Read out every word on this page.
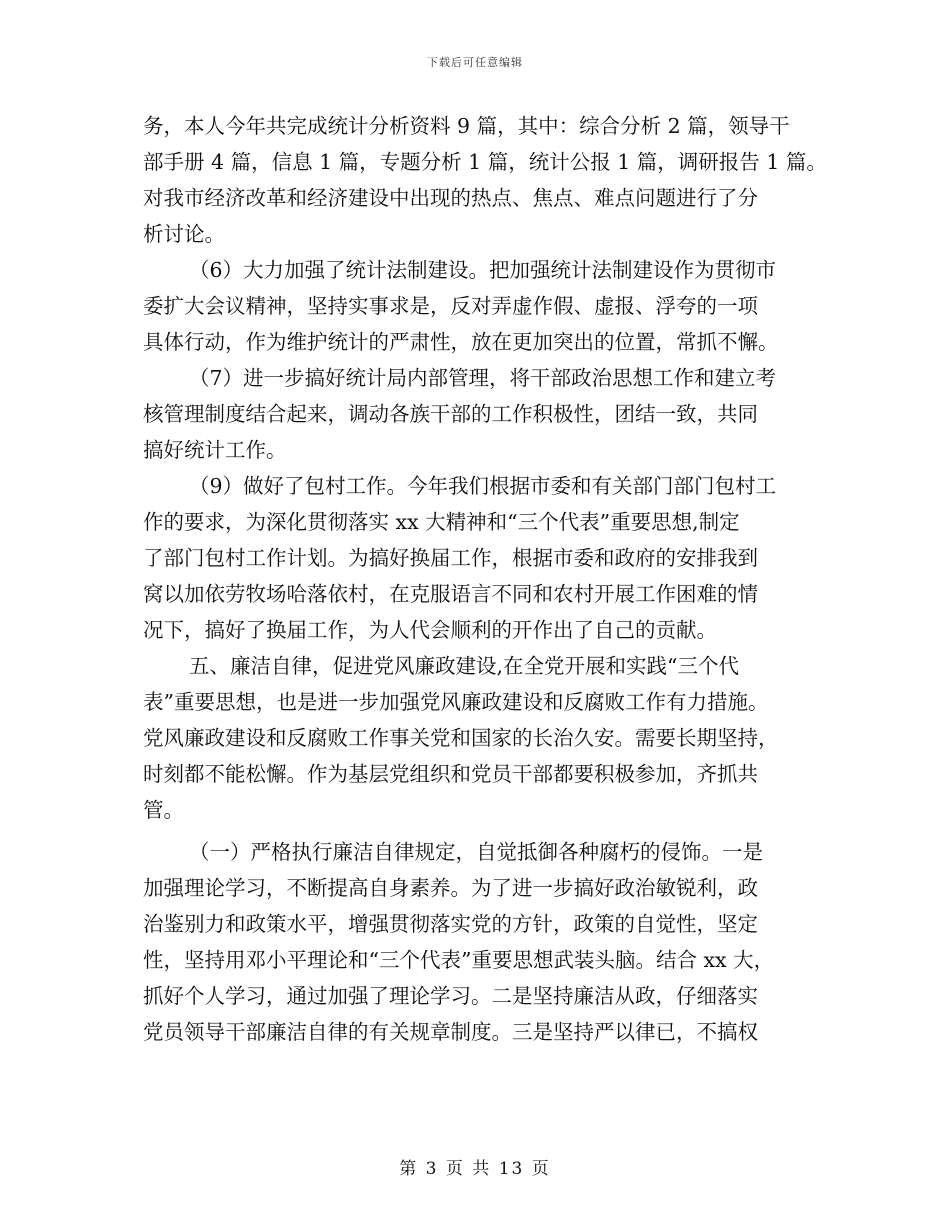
下载后可任意编辑
务，本人今年共完成统计分析资料 9 篇，其中：综合分析 2 篇，领导干
部手册 4 篇，信息 1 篇，专题分析 1 篇，统计公报 1 篇，调研报告 1 篇。
对我市经济改革和经济建设中出现的热点、焦点、难点问题进行了分
析讨论。
（6）大力加强了统计法制建设。把加强统计法制建设作为贯彻市
委扩大会议精神，坚持实事求是，反对弄虚作假、虚报、浮夸的一项
具体行动，作为维护统计的严肃性，放在更加突出的位置，常抓不懈。
（7）进一步搞好统计局内部管理，将干部政治思想工作和建立考
核管理制度结合起来，调动各族干部的工作积极性，团结一致，共同
搞好统计工作。
（9）做好了包村工作。今年我们根据市委和有关部门部门包村工
作的要求，为深化贯彻落实 xx 大精神和“三个代表”重要思想,制定
了部门包村工作计划。为搞好换届工作，根据市委和政府的安排我到
窝以加依劳牧场哈落依村，在克服语言不同和农村开展工作困难的情
况下，搞好了换届工作，为人代会顺利的开作出了自己的贡献。
五、廉洁自律，促进党风廉政建设,在全党开展和实践“三个代
表”重要思想，也是进一步加强党风廉政建设和反腐败工作有力措施。
党风廉政建设和反腐败工作事关党和国家的长治久安。需要长期坚持，
时刻都不能松懈。作为基层党组织和党员干部都要积极参加，齐抓共
管。
（一）严格执行廉洁自律规定，自觉抵御各种腐朽的侵饰。一是
加强理论学习，不断提高自身素养。为了进一步搞好政治敏锐利，政
治鉴别力和政策水平，增强贯彻落实党的方针，政策的自觉性，坚定
性，坚持用邓小平理论和“三个代表”重要思想武装头脑。结合 xx 大，
抓好个人学习，通过加强了理论学习。二是坚持廉洁从政，仔细落实
党员领导干部廉洁自律的有关规章制度。三是坚持严以律已，不搞权
第 3 页 共 13 页
